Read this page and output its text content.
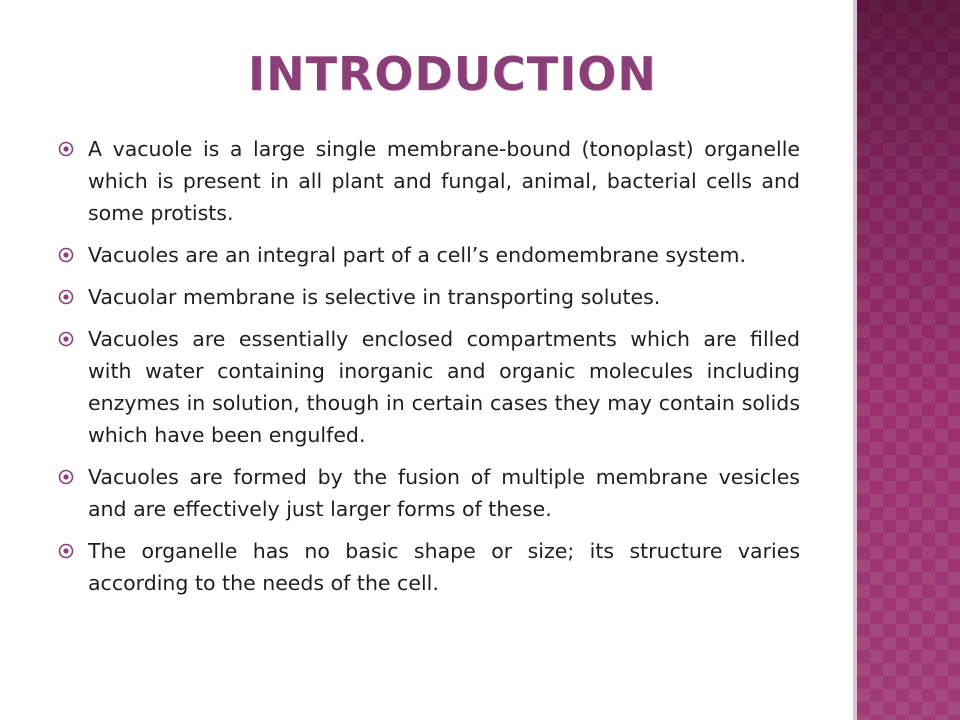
INTRODUCTION
A vacuole is a large single membrane-bound (tonoplast) organelle which is present in all plant and fungal, animal, bacterial cells and some protists.
Vacuoles are an integral part of a cell’s endomembrane system.
Vacuolar membrane is selective in transporting solutes.
Vacuoles are essentially enclosed compartments which are filled with water containing inorganic and organic molecules including enzymes in solution, though in certain cases they may contain solids which have been engulfed.
Vacuoles are formed by the fusion of multiple membrane vesicles and are effectively just larger forms of these.
The organelle has no basic shape or size; its structure varies according to the needs of the cell.
